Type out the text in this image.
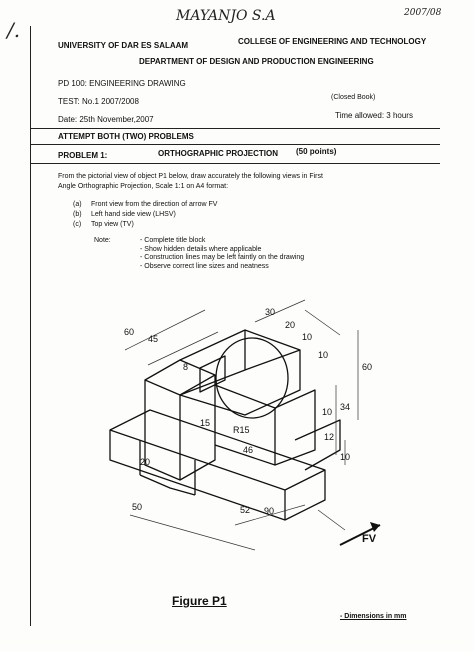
MAYANJO S.A	2007/08
/.
UNIVERSITY OF DAR ES SALAAM	COLLEGE OF ENGINEERING AND TECHNOLOGY
DEPARTMENT OF DESIGN AND PRODUCTION ENGINEERING
PD 100: ENGINEERING DRAWING
TEST: No.1 2007/2008	(Closed Book)
Date: 25th November,2007	Time allowed: 3 hours
ATTEMPT BOTH (TWO) PROBLEMS
PROBLEM 1:	ORTHOGRAPHIC PROJECTION (50 points)
From the pictorial view of object P1 below, draw accurately the following views in First
Angle Orthographic Projection, Scale 1:1 on A4 format:
(a) Front view from the direction of arrow FV
(b) Left hand side view (LHSV)
(c) Top view (TV)
Note:	- Complete title block
- Show hidden details where applicable
- Construction lines may be left faintly on the drawing
- Observe correct line sizes and neatness
60
45
30
20
10
8
10
60
10 34
12
10
15
R15
46
20
50	52 90
FV
Figure P1
- Dimensions in mm
